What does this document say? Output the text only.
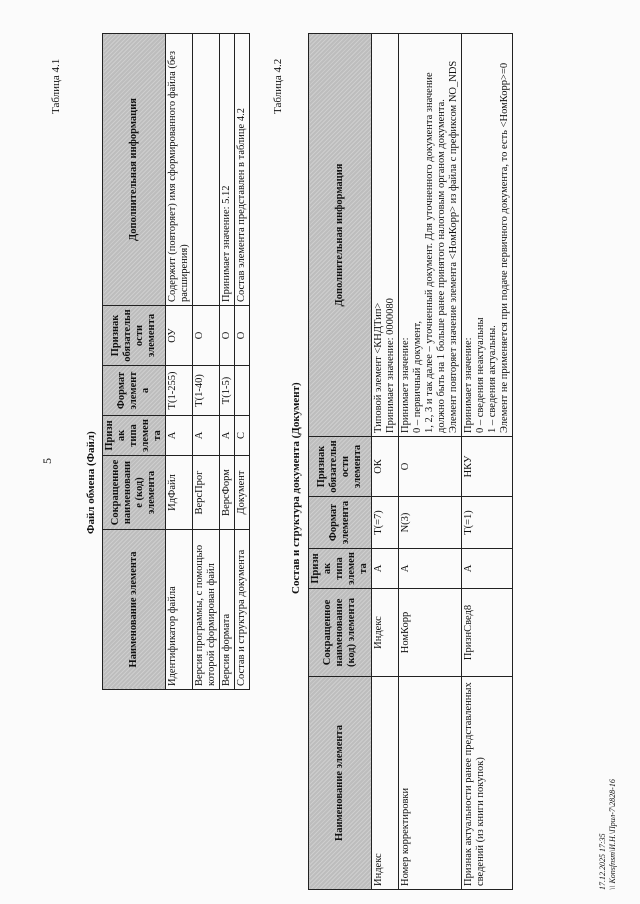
5
Таблица 4.1
Файл обмена (Файл)
Наименование элемента	Сокращенное наименование (код) элемента	Признак типа элемента	Формат элемента	Признак обязательности элемента	Дополнительная информация
Идентификатор файла	ИдФайл	А	Т(1-255)	ОУ	Содержит (повторяет) имя сформированного файла (без расширения)
Версия программы, с помощью которой сформирован файл	ВерсПрог	А	Т(1-40)	О	
Версия формата	ВерсФорм	А	Т(1-5)	О	Принимает значение: 5.12
Состав и структура документа	Документ	С		О	Состав элемента представлен в таблице 4.2
Таблица 4.2
Состав и структура документа (Документ)
Наименование элемента	Сокращенное наименование (код) элемента	Признак типа элемента	Формат элемента	Признак обязательности элемента	Дополнительная информация
Индекс	Индекс	А	Т(=7)	ОК	Типовой элемент <КНДТип>
Принимает значение: 0000080
Номер корректировки	НомКорр	А	N(3)	О	Принимает значение:
0 – первичный документ,
1, 2, 3 и так далее – уточненный документ. Для уточненного документа значение должно быть на 1 больше ранее принятого налоговым органом документа.
Элемент повторяет значение элемента <НомКорр> из файла с префиксом NO_NDS
Признак актуальности ранее представленных сведений (из книги покупок)	ПризнСвед8	А	Т(=1)	НКУ	Принимает значение:
0 – сведения неактуальны
1 – сведения актуальны.
Элемент не применяется при подаче первичного документа, то есть <НомКорр>=0
17.12.2025 17:35 \\ Konsfnsm\И.Н.\Прил-7\2828-16
